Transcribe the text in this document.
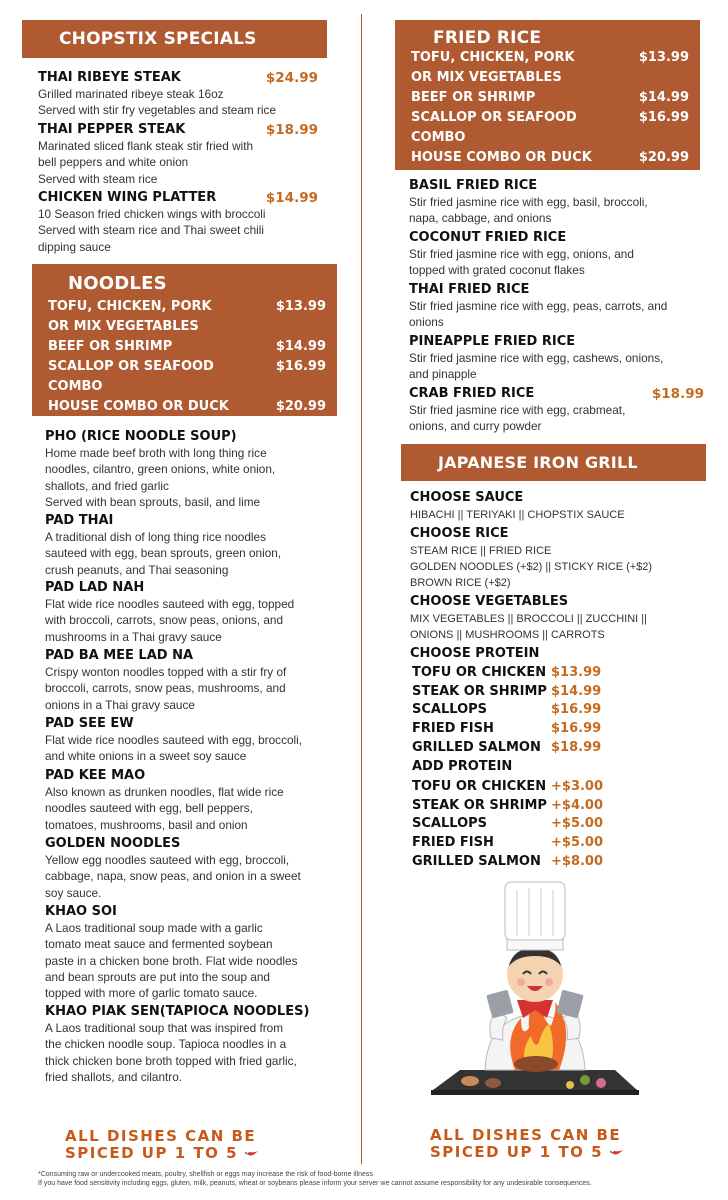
CHOPSTIX SPECIALS
THAI RIBEYE STEAK	$24.99
Grilled marinated ribeye steak 16oz
Served with stir fry vegetables and steam rice
THAI PEPPER STEAK	$18.99
Marinated sliced flank steak stir fried with
bell peppers and white onion
Served with steam rice
CHICKEN WING PLATTER	$14.99
10 Season fried chicken wings with broccoli
Served with steam rice and Thai sweet chili
dipping sauce
NOODLES
TOFU, CHICKEN, PORK	$13.99
OR MIX VEGETABLES
BEEF OR SHRIMP	$14.99
SCALLOP OR SEAFOOD	$16.99
COMBO
HOUSE COMBO OR DUCK	$20.99
PHO (RICE NOODLE SOUP)
Home made beef broth with long thing rice
noodles, cilantro, green onions, white onion,
shallots, and fried garlic
Served with bean sprouts, basil, and lime
PAD THAI
A traditional dish of long thing rice noodles
sauteed with egg, bean sprouts, green onion,
crush peanuts, and Thai seasoning
PAD LAD NAH
Flat wide rice noodles sauteed with egg, topped
with broccoli, carrots, snow peas, onions, and
mushrooms in a Thai gravy sauce
PAD BA MEE LAD NA
Crispy wonton noodles topped with a stir fry of
broccoli, carrots, snow peas, mushrooms, and
onions in a Thai gravy sauce
PAD SEE EW
Flat wide rice noodles sauteed with egg, broccoli,
and white onions in a sweet soy sauce
PAD KEE MAO
Also known as drunken noodles, flat wide rice
noodles sauteed with egg, bell peppers,
tomatoes, mushrooms, basil and onion
GOLDEN NOODLES
Yellow egg noodles sauteed with egg, broccoli,
cabbage, napa, snow peas, and onion in a sweet
soy sauce.
KHAO SOI
A Laos traditional soup made with a garlic
tomato meat sauce and fermented soybean
paste in a chicken bone broth. Flat wide noodles
and bean sprouts are put into the soup and
topped with more of garlic tomato sauce.
KHAO PIAK SEN(TAPIOCA NOODLES)
A Laos traditional soup that was inspired from
the chicken noodle soup. Tapioca noodles in a
thick chicken bone broth topped with fried garlic,
fried shallots, and cilantro.
FRIED RICE
TOFU, CHICKEN, PORK	$13.99
OR MIX VEGETABLES
BEEF OR SHRIMP	$14.99
SCALLOP OR SEAFOOD	$16.99
COMBO
HOUSE COMBO OR DUCK	$20.99
BASIL FRIED RICE
Stir fried jasmine rice with egg, basil, broccoli,
napa, cabbage, and onions
COCONUT FRIED RICE
Stir fried jasmine rice with egg, onions, and
topped with grated coconut flakes
THAI FRIED RICE
Stir fried jasmine rice with egg, peas, carrots, and
onions
PINEAPPLE FRIED RICE
Stir fried jasmine rice with egg, cashews, onions,
and pinapple
CRAB FRIED RICE	$18.99
Stir fried jasmine rice with egg, crabmeat,
onions, and curry powder
JAPANESE IRON GRILL
CHOOSE SAUCE
HIBACHI || TERIYAKI || CHOPSTIX SAUCE
CHOOSE RICE
STEAM RICE || FRIED RICE
GOLDEN NOODLES (+$2) || STICKY RICE (+$2)
BROWN RICE (+$2)
CHOOSE VEGETABLES
MIX VEGETABLES || BROCCOLI || ZUCCHINI ||
ONIONS || MUSHROOMS || CARROTS
CHOOSE PROTEIN
TOFU OR CHICKEN $13.99
STEAK OR SHRIMP $14.99
SCALLOPS	$16.99
FRIED FISH	$16.99
GRILLED SALMON $18.99
ADD PROTEIN
TOFU OR CHICKEN +$3.00
STEAK OR SHRIMP +$4.00
SCALLOPS	+$5.00
FRIED FISH	+$5.00
GRILLED SALMON +$8.00
ALL DISHES CAN BE
SPICED UP 1 TO 5
ALL DISHES CAN BE
SPICED UP 1 TO 5
*Consuming raw or undercooked meats, poultry, shellfish or eggs may increase the risk of food-borne illness
If you have food sensitivity including eggs, gluten, milk, peanuts, wheat or soybeans please inform your server we cannot assume responsibility for any undesirable consequences.
